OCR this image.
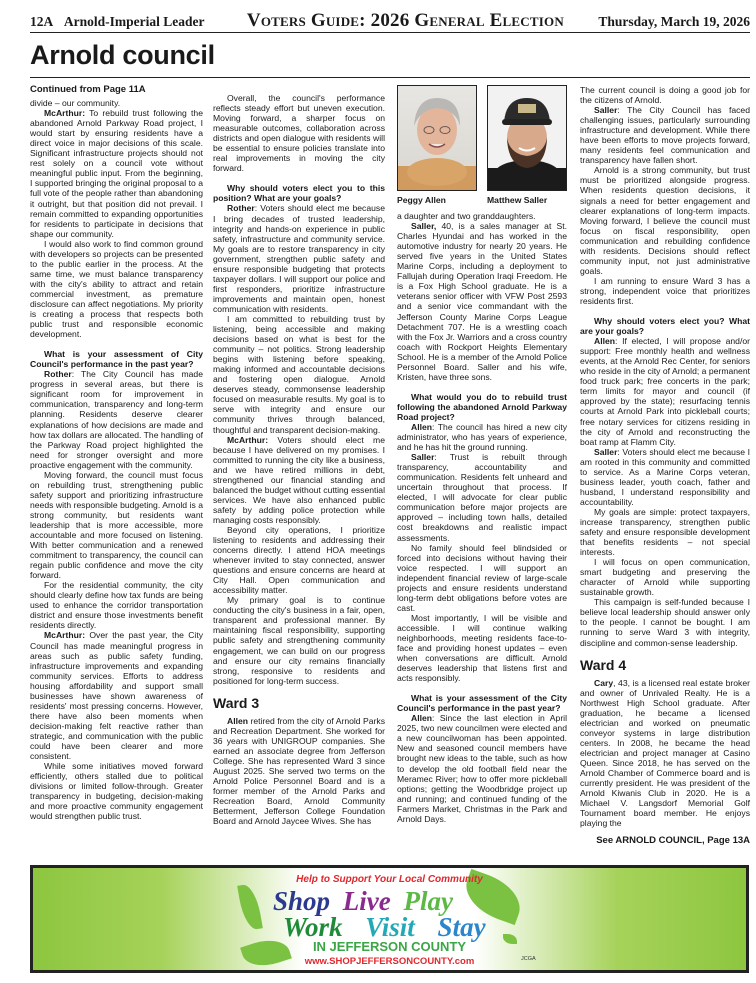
12A Arnold-Imperial Leader	Voters Guide: 2026 General Election	Thursday, March 19, 2026
Arnold council
Continued from Page 11A

divide – our community.

McArthur: To rebuild trust following the abandoned Arnold Parkway Road project, I would start by ensuring residents have a direct voice in major decisions of this scale. Significant infrastructure projects should not rest solely on a council vote without meaningful public input. From the beginning, I supported bringing the original proposal to a full vote of the people rather than abandoning it outright, but that position did not prevail. I remain committed to expanding opportunities for residents to participate in decisions that shape our community.

I would also work to find common ground with developers so projects can be presented to the public earlier in the process. At the same time, we must balance transparency with the city's ability to attract and retain commercial investment, as premature disclosure can affect negotiations. My priority is creating a process that respects both public trust and responsible economic development.

What is your assessment of City Council's performance in the past year?

Rother: The City Council has made progress in several areas, but there is significant room for improvement in communication, transparency and long-term planning. Residents deserve clearer explanations of how decisions are made and how tax dollars are allocated. The handling of the Parkway Road project highlighted the need for stronger oversight and more proactive engagement with the community.

Moving forward, the council must focus on rebuilding trust, strengthening public safety support and prioritizing infrastructure needs with responsible budgeting. Arnold is a strong community, but residents want leadership that is more accessible, more accountable and more focused on listening. With better communication and a renewed commitment to transparency, the council can regain public confidence and move the city forward.

For the residential community, the city should clearly define how tax funds are being used to enhance the corridor transportation district and ensure those investments benefit residents directly.

McArthur: Over the past year, the City Council has made meaningful progress in areas such as public safety funding, infrastructure improvements and expanding community services. Efforts to address housing affordability and support small businesses have shown awareness of residents' most pressing concerns. However, there have also been moments when decision-making felt reactive rather than strategic, and communication with the public could have been clearer and more consistent.

While some initiatives moved forward efficiently, others stalled due to political divisions or limited follow-through. Greater transparency in budgeting, decision-making and more proactive community engagement would strengthen public trust.

Overall, the council's performance reflects steady effort but uneven execution. Moving forward, a sharper focus on measurable outcomes, collaboration across districts and open dialogue with residents will be essential to ensure policies translate into real improvements in moving the city forward.

Why should voters elect you to this position? What are your goals?

Rother: Voters should elect me because I bring decades of trusted leadership, integrity and hands-on experience in public safety, infrastructure and community service. My goals are to restore transparency in city government, strengthen public safety and ensure responsible budgeting that protects taxpayer dollars. I will support our police and first responders, prioritize infrastructure improvements and maintain open, honest communication with residents.

I am committed to rebuilding trust by listening, being accessible and making decisions based on what is best for the community – not politics. Strong leadership begins with listening before speaking, making informed and accountable decisions and fostering open dialogue. Arnold deserves steady, commonsense leadership focused on measurable results. My goal is to serve with integrity and ensure our community thrives through balanced, thoughtful and transparent decision-making.

McArthur: Voters should elect me because I have delivered on my promises. I committed to running the city like a business, and we have retired millions in debt, strengthened our financial standing and balanced the budget without cutting essential services. We have also enhanced public safety by adding police protection while managing costs responsibly.

Beyond city operations, I prioritize listening to residents and addressing their concerns directly. I attend HOA meetings whenever invited to stay connected, answer questions and ensure concerns are heard at City Hall. Open communication and accessibility matter.

My primary goal is to continue conducting the city's business in a fair, open, transparent and professional manner. By maintaining fiscal responsibility, supporting public safety and strengthening community engagement, we can build on our progress and ensure our city remains financially strong, responsive to residents and positioned for long-term success.

Ward 3

Allen retired from the city of Arnold Parks and Recreation Department. She worked for 36 years with UNIGROUP companies. She earned an associate degree from Jefferson College. She has represented Ward 3 since August 2025. She served two terms on the Arnold Police Personnel Board and is a former member of the Arnold Parks and Recreation Board, Arnold Community Betterment, Jefferson College Foundation Board and Arnold Jaycee Wives. She has

Peggy Allen	Matthew Saller

a daughter and two granddaughters.

Saller, 40, is a sales manager at St. Charles Hyundai and has worked in the automotive industry for nearly 20 years. He served five years in the United States Marine Corps, including a deployment to Fallujah during Operation Iraqi Freedom. He is a Fox High School graduate. He is a veterans senior officer with VFW Post 2593 and a senior vice commandant with the Jefferson County Marine Corps League Detachment 707. He is a wrestling coach with the Fox Jr. Warriors and a cross country coach with Rockport Heights Elementary School. He is a member of the Arnold Police Personnel Board. Saller and his wife, Kristen, have three sons.

What would you do to rebuild trust following the abandoned Arnold Parkway Road project?

Allen: The council has hired a new city administrator, who has years of experience, and he has hit the ground running.

Saller: Trust is rebuilt through transparency, accountability and communication. Residents felt unheard and uncertain throughout that process. If elected, I will advocate for clear public communication before major projects are approved – including town halls, detailed cost breakdowns and realistic impact assessments.

No family should feel blindsided or forced into decisions without having their voice respected. I will support an independent financial review of large-scale projects and ensure residents understand long-term debt obligations before votes are cast.

Most importantly, I will be visible and accessible. I will continue walking neighborhoods, meeting residents face-to-face and providing honest updates – even when conversations are difficult. Arnold deserves leadership that listens first and acts responsibly.

What is your assessment of the City Council's performance in the past year?

Allen: Since the last election in April 2025, two new councilmen were elected and a new councilwoman has been appointed. New and seasoned council members have brought new ideas to the table, such as how to develop the old football field near the Meramec River; how to offer more pickleball options; getting the Woodbridge project up and running; and continued funding of the Farmers Market, Christmas in the Park and Arnold Days.

The current council is doing a good job for the citizens of Arnold.

Saller: The City Council has faced challenging issues, particularly surrounding infrastructure and development. While there have been efforts to move projects forward, many residents feel communication and transparency have fallen short.

Arnold is a strong community, but trust must be prioritized alongside progress. When residents question decisions, it signals a need for better engagement and clearer explanations of long-term impacts. Moving forward, I believe the council must focus on fiscal responsibility, open communication and rebuilding confidence with residents. Decisions should reflect community input, not just administrative goals.

I am running to ensure Ward 3 has a strong, independent voice that prioritizes residents first.

Why should voters elect you? What are your goals?

Allen: If elected, I will propose and/or support: Free monthly health and wellness events, at the Arnold Rec Center, for seniors who reside in the city of Arnold; a permanent food truck park; free concerts in the park; term limits for mayor and council (if approved by the state); resurfacing tennis courts at Arnold Park into pickleball courts; free notary services for citizens residing in the city of Arnold and reconstructing the boat ramp at Flamm City.

Saller: Voters should elect me because I am rooted in this community and committed to service. As a Marine Corps veteran, business leader, youth coach, father and husband, I understand responsibility and accountability.

My goals are simple: protect taxpayers, increase transparency, strengthen public safety and ensure responsible development that benefits residents – not special interests.

I will focus on open communication, smart budgeting and preserving the character of Arnold while supporting sustainable growth.

This campaign is self-funded because I believe local leadership should answer only to the people. I cannot be bought. I am running to serve Ward 3 with integrity, discipline and common-sense leadership.

Ward 4

Cary, 43, is a licensed real estate broker and owner of Unrivaled Realty. He is a Northwest High School graduate. After graduation, he became a licensed electrician and worked on pneumatic conveyor systems in large distribution centers. In 2008, he became the head electrician and project manager at Casino Queen. Since 2018, he has served on the Arnold Chamber of Commerce board and is currently president. He was president of the Arnold Kiwanis Club in 2020. He is a Michael V. Langsdorf Memorial Golf Tournament board member. He enjoys playing the

See ARNOLD COUNCIL, Page 13A
Help to Support Your Local Community
Shop Live Play
Work Visit Stay
IN JEFFERSON COUNTY
www.SHOPJEFFERSONCOUNTY.com	JCGA
